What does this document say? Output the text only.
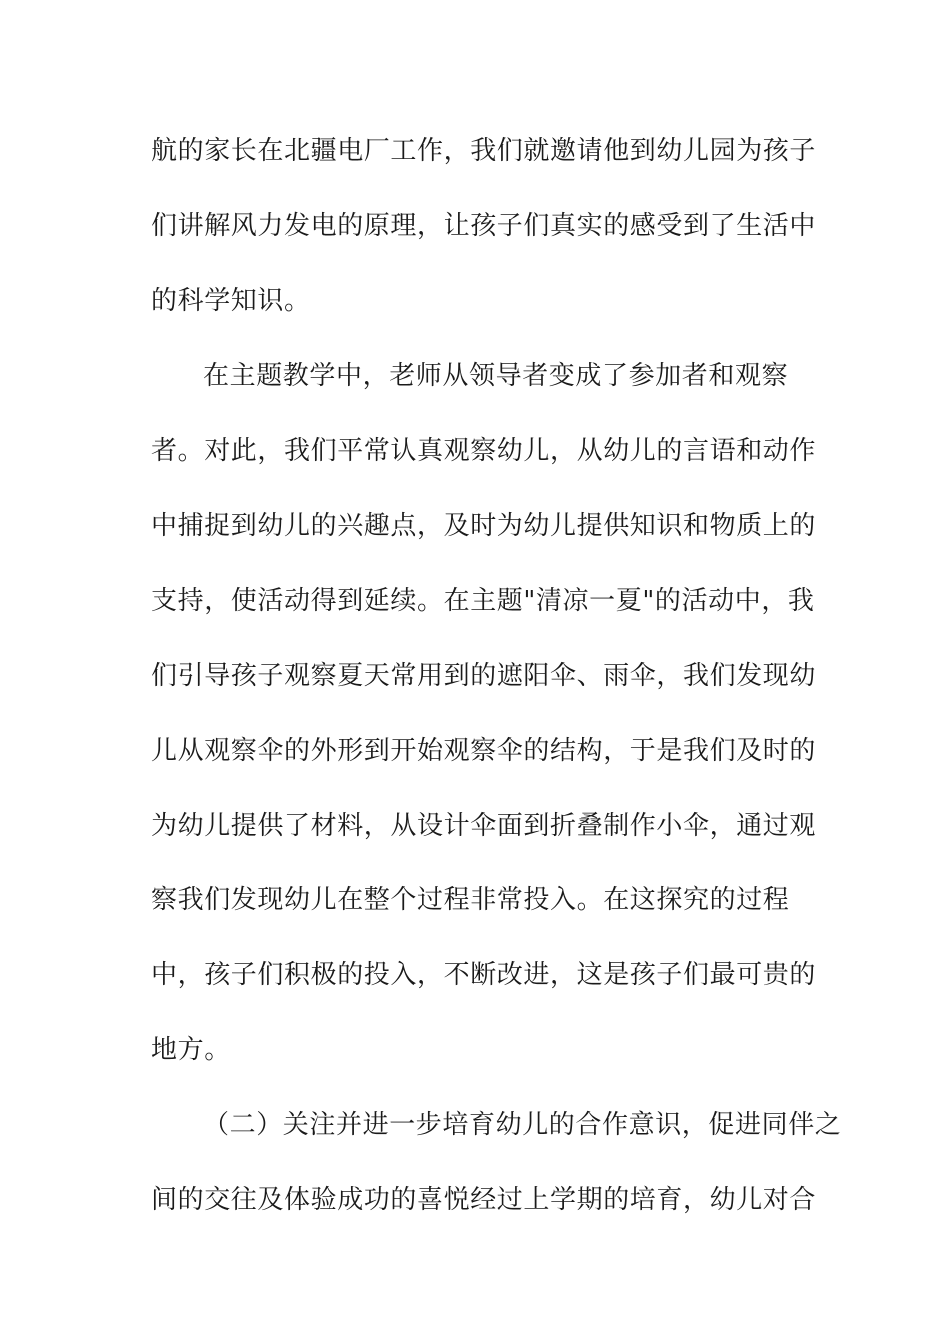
航的家长在北疆电厂工作，我们就邀请他到幼儿园为孩子
们讲解风力发电的原理，让孩子们真实的感受到了生活中
的科学知识。
在主题教学中，老师从领导者变成了参加者和观察
者。对此，我们平常认真观察幼儿，从幼儿的言语和动作
中捕捉到幼儿的兴趣点，及时为幼儿提供知识和物质上的
支持，使活动得到延续。在主题"清凉一夏"的活动中，我
们引导孩子观察夏天常用到的遮阳伞、雨伞，我们发现幼
儿从观察伞的外形到开始观察伞的结构，于是我们及时的
为幼儿提供了材料，从设计伞面到折叠制作小伞，通过观
察我们发现幼儿在整个过程非常投入。在这探究的过程
中，孩子们积极的投入，不断改进，这是孩子们最可贵的
地方。
（二）关注并进一步培育幼儿的合作意识，促进同伴之
间的交往及体验成功的喜悦经过上学期的培育，幼儿对合
